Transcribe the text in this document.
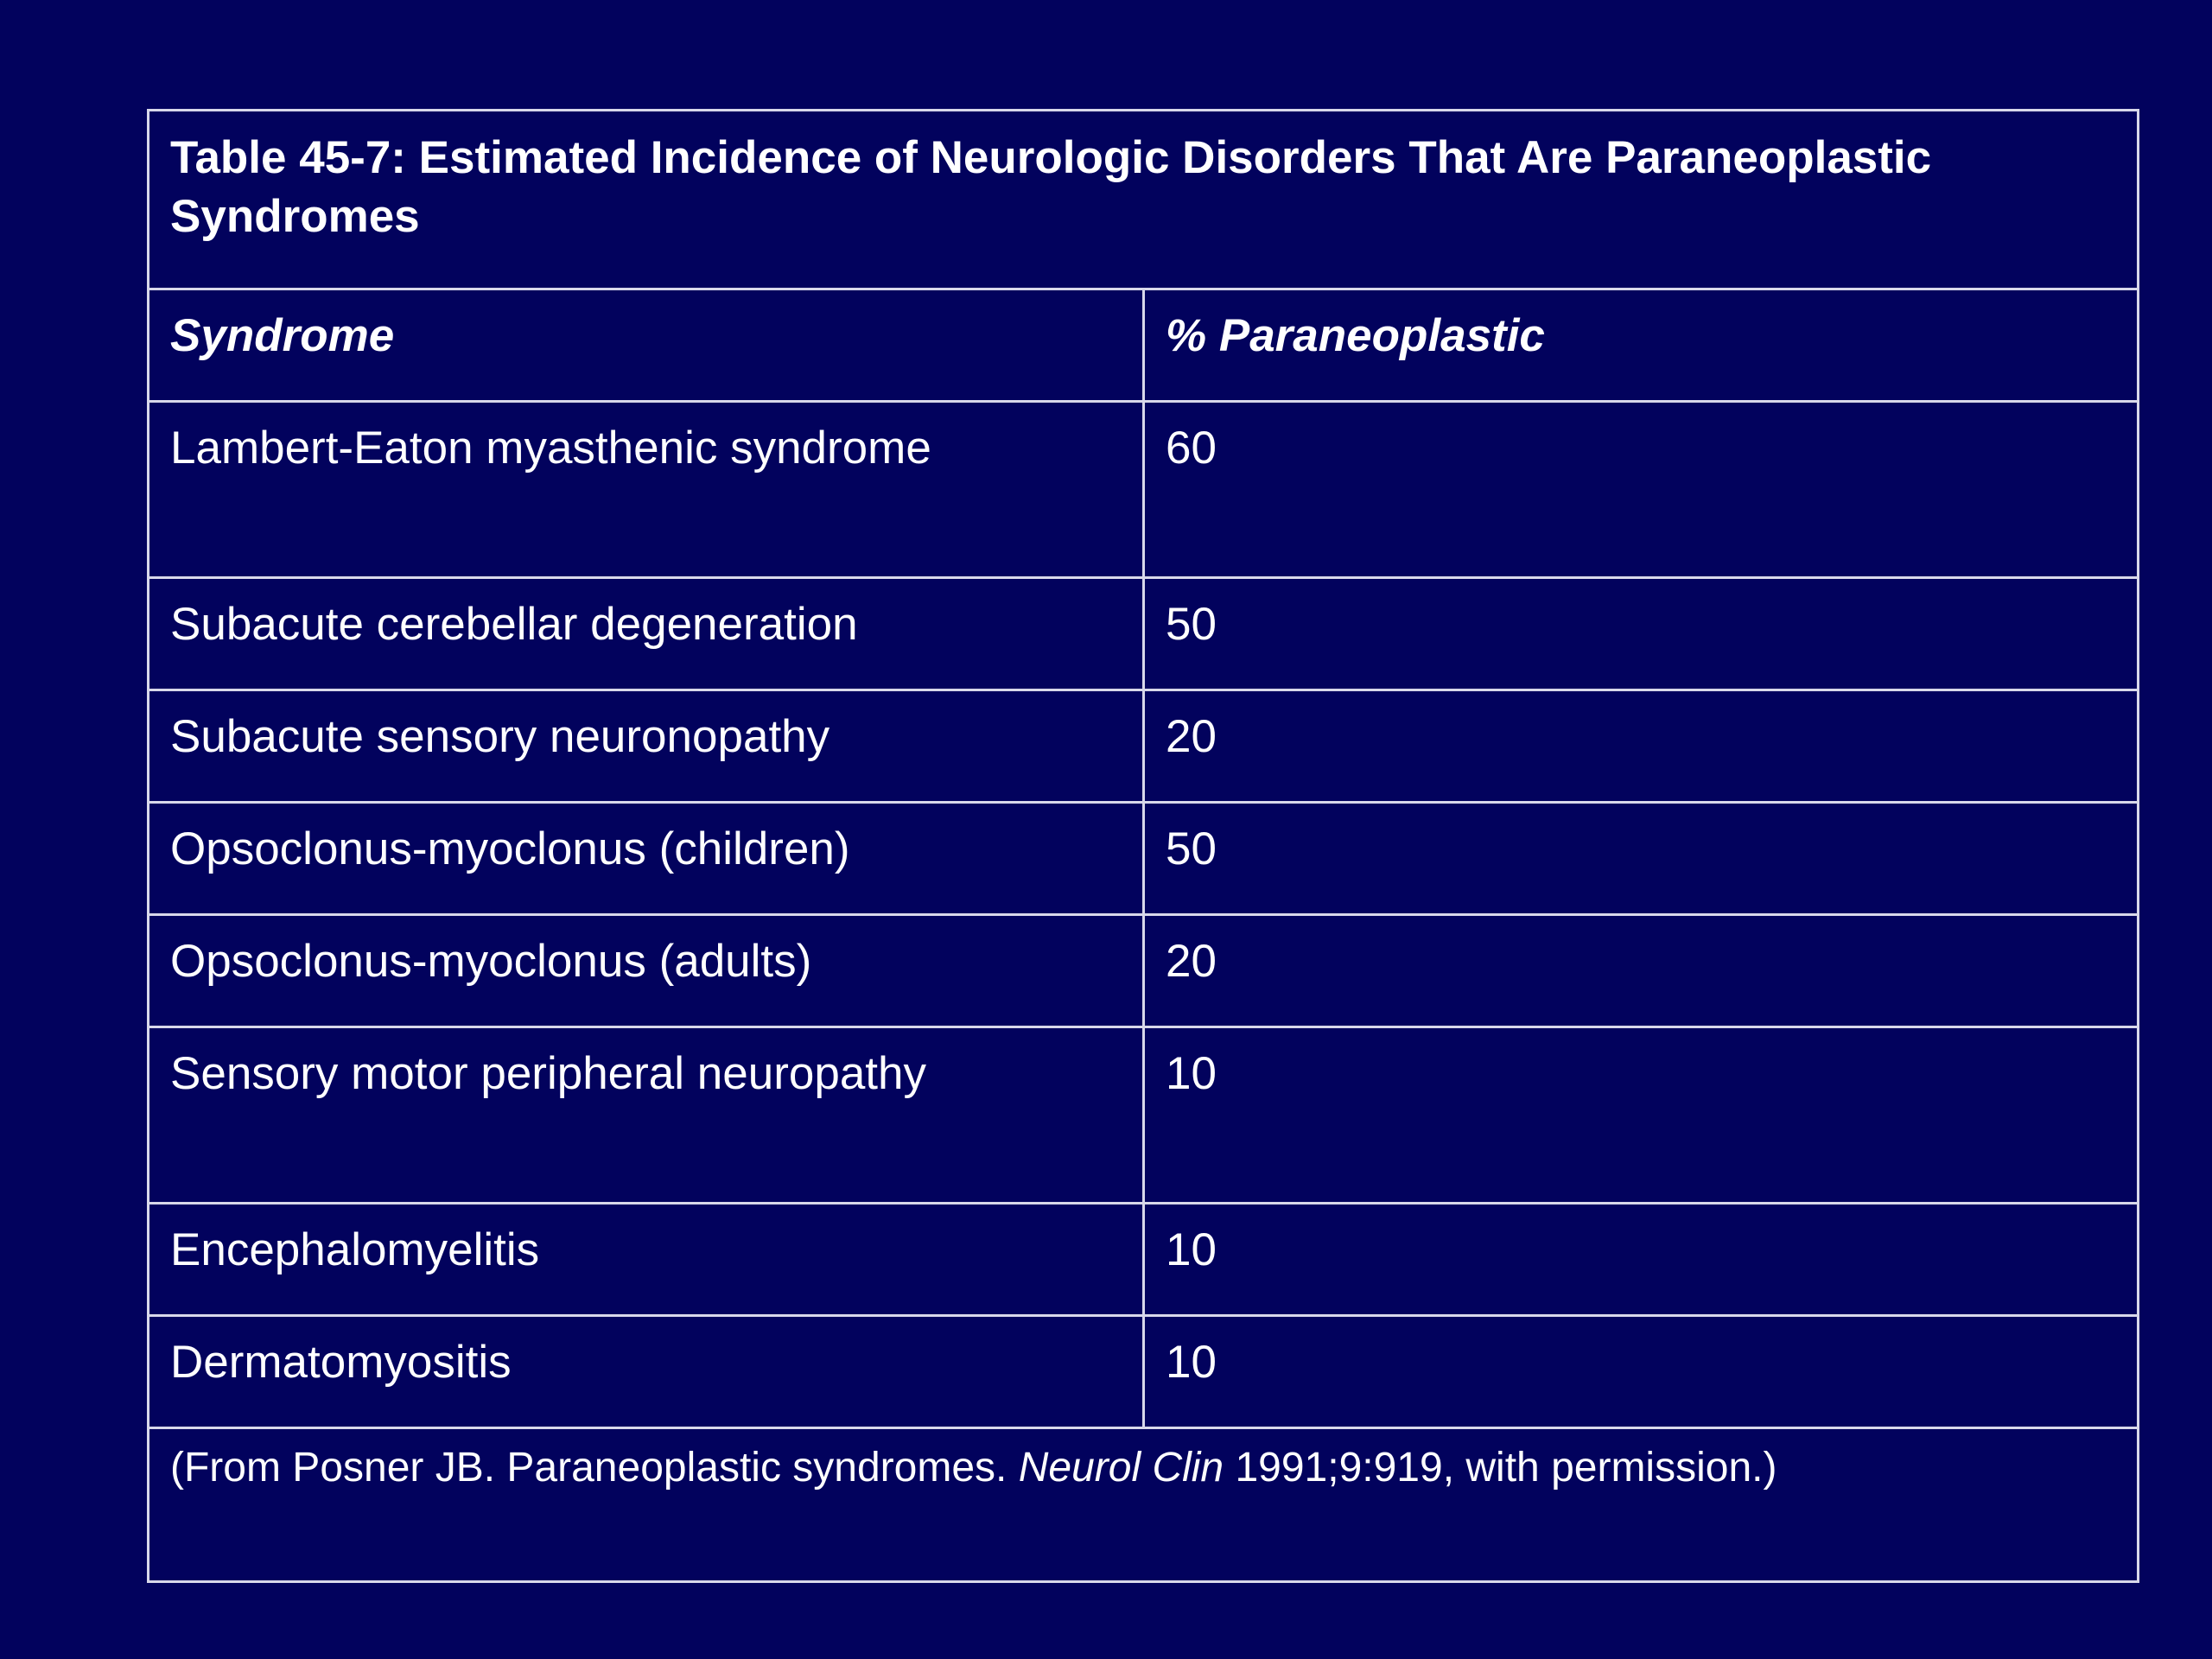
Table 45-7: Estimated Incidence of Neurologic Disorders That Are Paraneoplastic Syndromes
Syndrome	% Paraneoplastic
Lambert-Eaton myasthenic syndrome	60
Subacute cerebellar degeneration	50
Subacute sensory neuronopathy	20
Opsoclonus-myoclonus (children)	50
Opsoclonus-myoclonus (adults)	20
Sensory motor peripheral neuropathy	10
Encephalomyelitis	10
Dermatomyositis	10
(From Posner JB. Paraneoplastic syndromes. Neurol Clin 1991;9:919, with permission.)
